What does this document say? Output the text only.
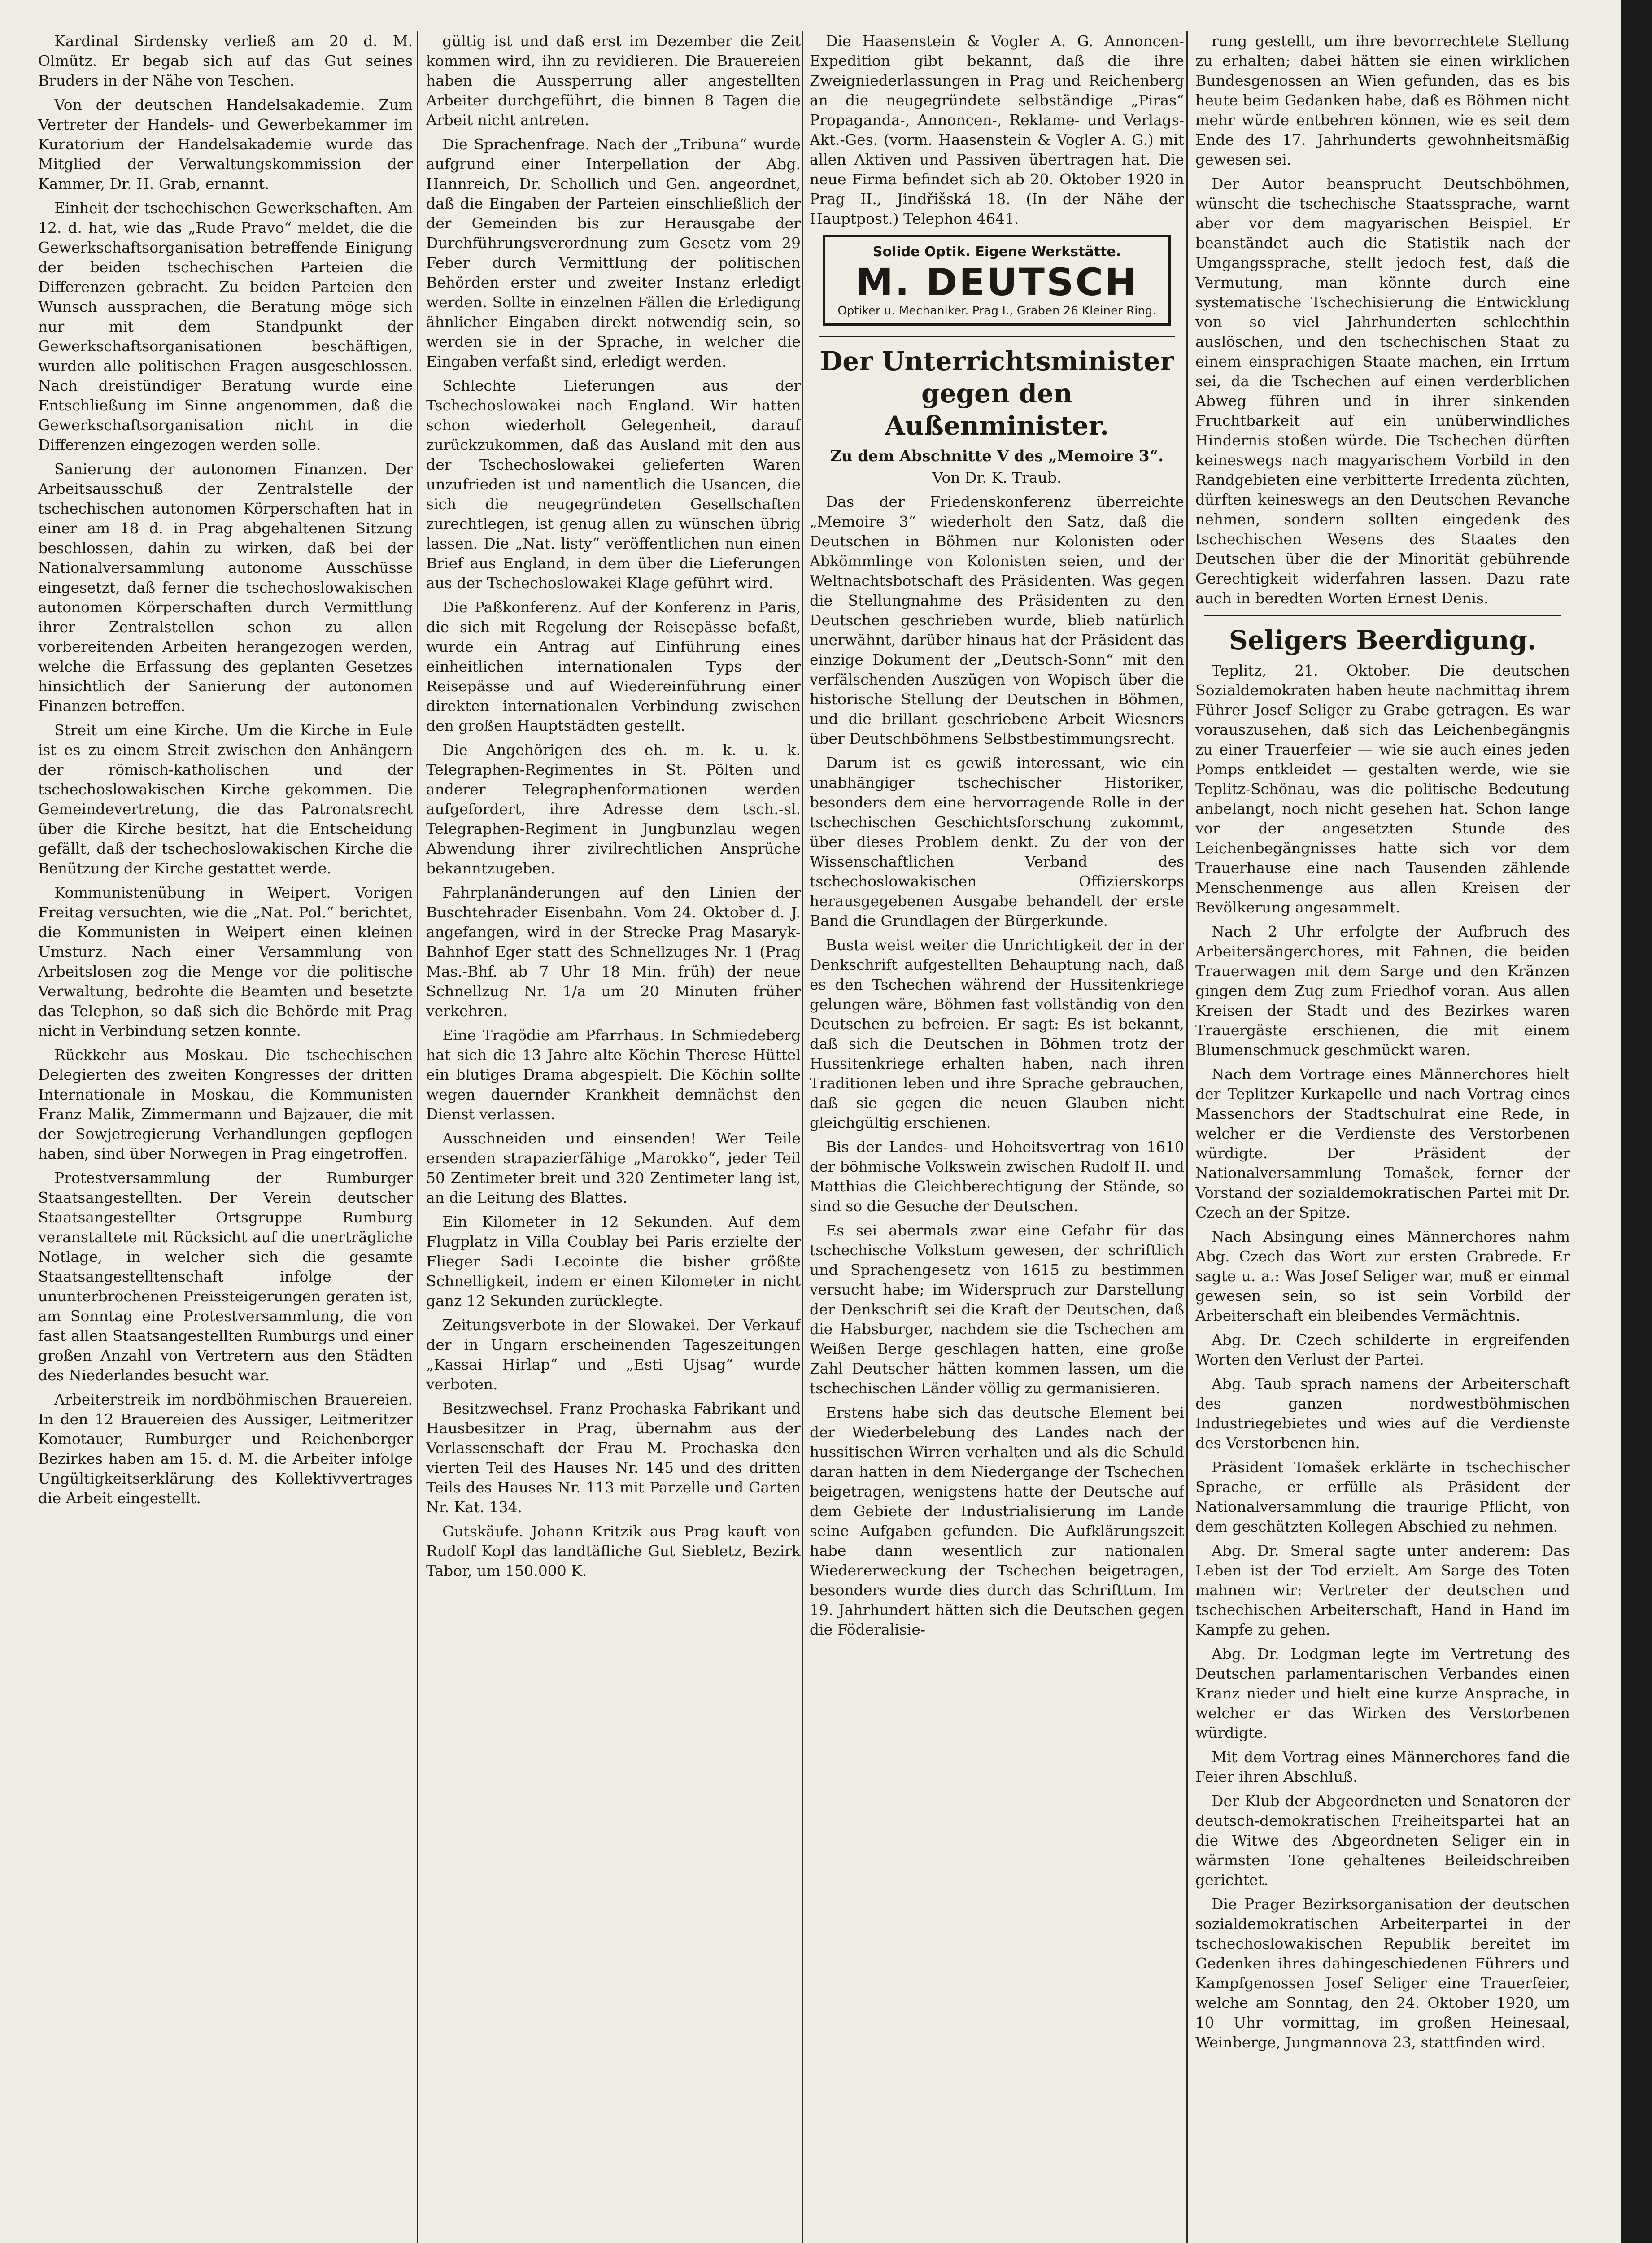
Kardinal Sirdensky verließ am 20 d. M. Olmütz. Er begab sich auf das Gut seines Bruders in der Nähe von Teschen.

Von der deutschen Handelsakademie. Zum Vertreter der Handels- und Gewerbekammer im Kuratorium der Handelsakademie wurde das Mitglied der Verwaltungskommission der Kammer, Dr. H. Grab, ernannt.

Einheit der tschechischen Gewerkschaften. Am 12. d. hat, wie das „Rude Pravo“ meldet, die die Gewerkschaftsorganisation betreffende Einigung der beiden tschechischen Parteien die Differenzen gebracht. Zu beiden Parteien den Wunsch aussprachen, die Beratung möge sich nur mit dem Standpunkt der Gewerkschaftsorganisationen beschäftigen, wurden alle politischen Fragen ausgeschlossen. Nach dreistündiger Beratung wurde eine Entschließung im Sinne angenommen, daß die Gewerkschaftsorganisation nicht in die Differenzen eingezogen werden solle.

Sanierung der autonomen Finanzen. Der Arbeitsausschuß der Zentralstelle der tschechischen autonomen Körperschaften hat in einer am 18 d. in Prag abgehaltenen Sitzung beschlossen, dahin zu wirken, daß bei der Nationalversammlung autonome Ausschüsse eingesetzt, daß ferner die tschechoslowakischen autonomen Körperschaften durch Vermittlung ihrer Zentralstellen schon zu allen vorbereitenden Arbeiten herangezogen werden, welche die Erfassung des geplanten Gesetzes hinsichtlich der Sanierung der autonomen Finanzen betreffen.

Streit um eine Kirche. Um die Kirche in Eule ist es zu einem Streit zwischen den Anhängern der römisch-katholischen und der tschechoslowakischen Kirche gekommen. Die Gemeindevertretung, die das Patronatsrecht über die Kirche besitzt, hat die Entscheidung gefällt, daß der tschechoslowakischen Kirche die Benützung der Kirche gestattet werde.

Kommunistenübung in Weipert. Vorigen Freitag versuchten, wie die „Nat. Pol.“ berichtet, die Kommunisten in Weipert einen kleinen Umsturz. Nach einer Versammlung von Arbeitslosen zog die Menge vor die politische Verwaltung, bedrohte die Beamten und besetzte das Telephon, so daß sich die Behörde mit Prag nicht in Verbindung setzen konnte.

Rückkehr aus Moskau. Die tschechischen Delegierten des zweiten Kongresses der dritten Internationale in Moskau, die Kommunisten Franz Malik, Zimmermann und Bajzauer, die mit der Sowjetregierung Verhandlungen gepflogen haben, sind über Norwegen in Prag eingetroffen.

Protestversammlung der Rumburger Staatsangestellten. Der Verein deutscher Staatsangestellter Ortsgruppe Rumburg veranstaltete mit Rücksicht auf die unerträgliche Notlage, in welcher sich die gesamte Staatsangestelltenschaft infolge der ununterbrochenen Preissteigerungen geraten ist, am Sonntag eine Protestversammlung, die von fast allen Staatsangestellten Rumburgs und einer großen Anzahl von Vertretern aus den Städten des Niederlandes besucht war.

Arbeiterstreik im nordböhmischen Brauereien. In den 12 Brauereien des Aussiger, Leitmeritzer Komotauer, Rumburger und Reichenberger Bezirkes haben am 15. d. M. die Arbeiter infolge Ungültigkeitserklärung des Kollektivvertrages die Arbeit eingestellt.

gültig ist und daß erst im Dezember die Zeit kommen wird, ihn zu revidieren. Die Brauereien haben die Aussperrung aller angestellten Arbeiter durchgeführt, die binnen 8 Tagen die Arbeit nicht antreten.

Die Sprachenfrage. Nach der „Tribuna“ wurde aufgrund einer Interpellation der Abg. Hannreich, Dr. Schollich und Gen. angeordnet, daß die Eingaben der Parteien einschließlich der der Gemeinden bis zur Herausgabe der Durchführungsverordnung zum Gesetz vom 29 Feber durch Vermittlung der politischen Behörden erster und zweiter Instanz erledigt werden. Sollte in einzelnen Fällen die Erledigung ähnlicher Eingaben direkt notwendig sein, so werden sie in der Sprache, in welcher die Eingaben verfaßt sind, erledigt werden.

Schlechte Lieferungen aus der Tschechoslowakei nach England. Wir hatten schon wiederholt Gelegenheit, darauf zurückzukommen, daß das Ausland mit den aus der Tschechoslowakei gelieferten Waren unzufrieden ist und namentlich die Usancen, die sich die neugegründeten Gesellschaften zurechtlegen, ist genug allen zu wünschen übrig lassen. Die „Nat. listy“ veröffentlichen nun einen Brief aus England, in dem über die Lieferungen aus der Tschechoslowakei Klage geführt wird.

Die Paßkonferenz. Auf der Konferenz in Paris, die sich mit Regelung der Reisepässe befaßt, wurde ein Antrag auf Einführung eines einheitlichen internationalen Typs der Reisepässe und auf Wiedereinführung einer direkten internationalen Verbindung zwischen den großen Hauptstädten gestellt.

Die Angehörigen des eh. m. k. u. k. Telegraphen-Regimentes in St. Pölten und anderer Telegraphenformationen werden aufgefordert, ihre Adresse dem tsch.-sl. Telegraphen-Regiment in Jungbunzlau wegen Abwendung ihrer zivilrechtlichen Ansprüche bekanntzugeben.

Fahrplanänderungen auf den Linien der Buschtehrader Eisenbahn. Vom 24. Oktober d. J. angefangen, wird in der Strecke Prag Masaryk-Bahnhof Eger statt des Schnellzuges Nr. 1 (Prag Mas.-Bhf. ab 7 Uhr 18 Min. früh) der neue Schnellzug Nr. 1/a um 20 Minuten früher verkehren.

Eine Tragödie am Pfarrhaus. In Schmiedeberg hat sich die 13 Jahre alte Köchin Therese Hüttel ein blutiges Drama abgespielt. Die Köchin sollte wegen dauernder Krankheit demnächst den Dienst verlassen.

Ausschneiden und einsenden! Wer Teile ersenden strapazierfähige „Marokko“, jeder Teil 50 Zentimeter breit und 320 Zentimeter lang ist, an die Leitung des Blattes.

Ein Kilometer in 12 Sekunden. Auf dem Flugplatz in Villa Coublay bei Paris erzielte der Flieger Sadi Lecointe die bisher größte Schnelligkeit, indem er einen Kilometer in nicht ganz 12 Sekunden zurücklegte.

Zeitungsverbote in der Slowakei. Der Verkauf der in Ungarn erscheinenden Tageszeitungen „Kassai Hirlap“ und „Esti Ujsag“ wurde verboten.

Besitzwechsel. Franz Prochaska Fabrikant und Hausbesitzer in Prag, übernahm aus der Verlassenschaft der Frau M. Prochaska den vierten Teil des Hauses Nr. 145 und des dritten Teils des Hauses Nr. 113 mit Parzelle und Garten Nr. Kat. 134.

Gutskäufe. Johann Kritzik aus Prag kauft von Rudolf Kopl das landtäfliche Gut Siebletz, Bezirk Tabor, um 150.000 K.

Die Haasenstein & Vogler A. G. Annoncen-Expedition gibt bekannt, daß die ihre Zweigniederlassungen in Prag und Reichenberg an die neugegründete selbständige „Piras“ Propaganda-, Annoncen-, Reklame- und Verlags-Akt.-Ges. (vorm. Haasenstein & Vogler A. G.) mit allen Aktiven und Passiven übertragen hat. Die neue Firma befindet sich ab 20. Oktober 1920 in Prag II., Jindřišská 18. (In der Nähe der Hauptpost.) Telephon 4641.

Solide Optik. Eigene Werkstätte.
M. DEUTSCH
Optiker u. Mechaniker. Prag I., Graben 26 Kleiner Ring.
Der Unterrichtsminister gegen den Außenminister.
Zu dem Abschnitte V des „Memoire 3“.
Von Dr. K. Traub.

Das der Friedenskonferenz überreichte „Memoire 3“ wiederholt den Satz, daß die Deutschen in Böhmen nur Kolonisten oder Abkömmlinge von Kolonisten seien, und der Weltnachtsbotschaft des Präsidenten. Was gegen die Stellungnahme des Präsidenten zu den Deutschen geschrieben wurde, blieb natürlich unerwähnt, darüber hinaus hat der Präsident das einzige Dokument der „Deutsch-Sonn“ mit den verfälschenden Auszügen von Wopisch über die historische Stellung der Deutschen in Böhmen, und die brillant geschriebene Arbeit Wiesners über Deutschböhmens Selbstbestimmungsrecht.

Darum ist es gewiß interessant, wie ein unabhängiger tschechischer Historiker, besonders dem eine hervorragende Rolle in der tschechischen Geschichtsforschung zukommt, über dieses Problem denkt. Zu der von der Wissenschaftlichen Verband des tschechoslowakischen Offizierskorps herausgegebenen Ausgabe behandelt der erste Band die Grundlagen der Bürgerkunde.

Busta weist weiter die Unrichtigkeit der in der Denkschrift aufgestellten Behauptung nach, daß es den Tschechen während der Hussitenkriege gelungen wäre, Böhmen fast vollständig von den Deutschen zu befreien. Er sagt: Es ist bekannt, daß sich die Deutschen in Böhmen trotz der Hussitenkriege erhalten haben, nach ihren Traditionen leben und ihre Sprache gebrauchen, daß sie gegen die neuen Glauben nicht gleichgültig erschienen.

Bis der Landes- und Hoheitsvertrag von 1610 der böhmische Volkswein zwischen Rudolf II. und Matthias die Gleichberechtigung der Stände, so sind so die Gesuche der Deutschen.

Es sei abermals zwar eine Gefahr für das tschechische Volkstum gewesen, der schriftlich und Sprachengesetz von 1615 zu bestimmen versucht habe; im Widerspruch zur Darstellung der Denkschrift sei die Kraft der Deutschen, daß die Habsburger, nachdem sie die Tschechen am Weißen Berge geschlagen hatten, eine große Zahl Deutscher hätten kommen lassen, um die tschechischen Länder völlig zu germanisieren.

Erstens habe sich das deutsche Element bei der Wiederbelebung des Landes nach der hussitischen Wirren verhalten und als die Schuld daran hatten in dem Niedergange der Tschechen beigetragen, wenigstens hatte der Deutsche auf dem Gebiete der Industrialisierung im Lande seine Aufgaben gefunden. Die Aufklärungszeit habe dann wesentlich zur nationalen Wiedererweckung der Tschechen beigetragen, besonders wurde dies durch das Schrifttum. Im 19. Jahrhundert hätten sich die Deutschen gegen die Föderalisie-

rung gestellt, um ihre bevorrechtete Stellung zu erhalten; dabei hätten sie einen wirklichen Bundesgenossen an Wien gefunden, das es bis heute beim Gedanken habe, daß es Böhmen nicht mehr würde entbehren können, wie es seit dem Ende des 17. Jahrhunderts gewohnheitsmäßig gewesen sei.

Der Autor beansprucht Deutschböhmen, wünscht die tschechische Staatssprache, warnt aber vor dem magyarischen Beispiel. Er beanständet auch die Statistik nach der Umgangssprache, stellt jedoch fest, daß die Vermutung, man könnte durch eine systematische Tschechisierung die Entwicklung von so viel Jahrhunderten schlechthin auslöschen, und den tschechischen Staat zu einem einsprachigen Staate machen, ein Irrtum sei, da die Tschechen auf einen verderblichen Abweg führen und in ihrer sinkenden Fruchtbarkeit auf ein unüberwindliches Hindernis stoßen würde. Die Tschechen dürften keineswegs nach magyarischem Vorbild in den Randgebieten eine verbitterte Irredenta züchten, dürften keineswegs an den Deutschen Revanche nehmen, sondern sollten eingedenk des tschechischen Wesens des Staates den Deutschen über die der Minorität gebührende Gerechtigkeit widerfahren lassen. Dazu rate auch in beredten Worten Ernest Denis.

Seligers Beerdigung.

Teplitz, 21. Oktober. Die deutschen Sozialdemokraten haben heute nachmittag ihrem Führer Josef Seliger zu Grabe getragen. Es war vorauszusehen, daß sich das Leichenbegängnis zu einer Trauerfeier — wie sie auch eines jeden Pomps entkleidet — gestalten werde, wie sie Teplitz-Schönau, was die politische Bedeutung anbelangt, noch nicht gesehen hat. Schon lange vor der angesetzten Stunde des Leichenbegängnisses hatte sich vor dem Trauerhause eine nach Tausenden zählende Menschenmenge aus allen Kreisen der Bevölkerung angesammelt.

Nach 2 Uhr erfolgte der Aufbruch des Arbeitersängerchores, mit Fahnen, die beiden Trauerwagen mit dem Sarge und den Kränzen gingen dem Zug zum Friedhof voran. Aus allen Kreisen der Stadt und des Bezirkes waren Trauergäste erschienen, die mit einem Blumenschmuck geschmückt waren.

Nach dem Vortrage eines Männerchores hielt der Teplitzer Kurkapelle und nach Vortrag eines Massenchors der Stadtschulrat eine Rede, in welcher er die Verdienste des Verstorbenen würdigte. Der Präsident der Nationalversammlung Tomašek, ferner der Vorstand der sozialdemokratischen Partei mit Dr. Czech an der Spitze.

Nach Absingung eines Männerchores nahm Abg. Czech das Wort zur ersten Grabrede. Er sagte u. a.: Was Josef Seliger war, muß er einmal gewesen sein, so ist sein Vorbild der Arbeiterschaft ein bleibendes Vermächtnis.

Abg. Dr. Czech schilderte in ergreifenden Worten den Verlust der Partei.

Abg. Taub sprach namens der Arbeiterschaft des ganzen nordwestböhmischen Industriegebietes und wies auf die Verdienste des Verstorbenen hin.

Präsident Tomašek erklärte in tschechischer Sprache, er erfülle als Präsident der Nationalversammlung die traurige Pflicht, von dem geschätzten Kollegen Abschied zu nehmen.

Abg. Dr. Smeral sagte unter anderem: Das Leben ist der Tod erzielt. Am Sarge des Toten mahnen wir: Vertreter der deutschen und tschechischen Arbeiterschaft, Hand in Hand im Kampfe zu gehen.

Abg. Dr. Lodgman legte im Vertretung des Deutschen parlamentarischen Verbandes einen Kranz nieder und hielt eine kurze Ansprache, in welcher er das Wirken des Verstorbenen würdigte.

Mit dem Vortrag eines Männerchores fand die Feier ihren Abschluß.

Der Klub der Abgeordneten und Senatoren der deutsch-demokratischen Freiheitspartei hat an die Witwe des Abgeordneten Seliger ein in wärmsten Tone gehaltenes Beileidschreiben gerichtet.

Die Prager Bezirksorganisation der deutschen sozialdemokratischen Arbeiterpartei in der tschechoslowakischen Republik bereitet im Gedenken ihres dahingeschiedenen Führers und Kampfgenossen Josef Seliger eine Trauerfeier, welche am Sonntag, den 24. Oktober 1920, um 10 Uhr vormittag, im großen Heinesaal, Weinberge, Jungmannova 23, stattfinden wird.
